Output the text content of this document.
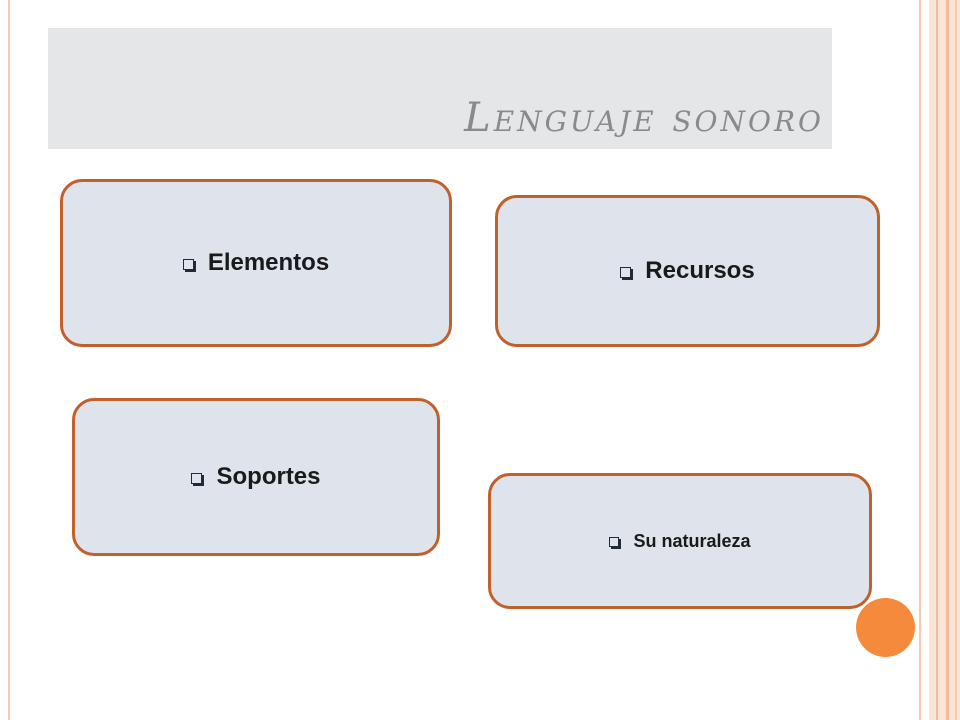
Lenguaje sonoro
Elementos	Recursos
Soportes
Su naturaleza
